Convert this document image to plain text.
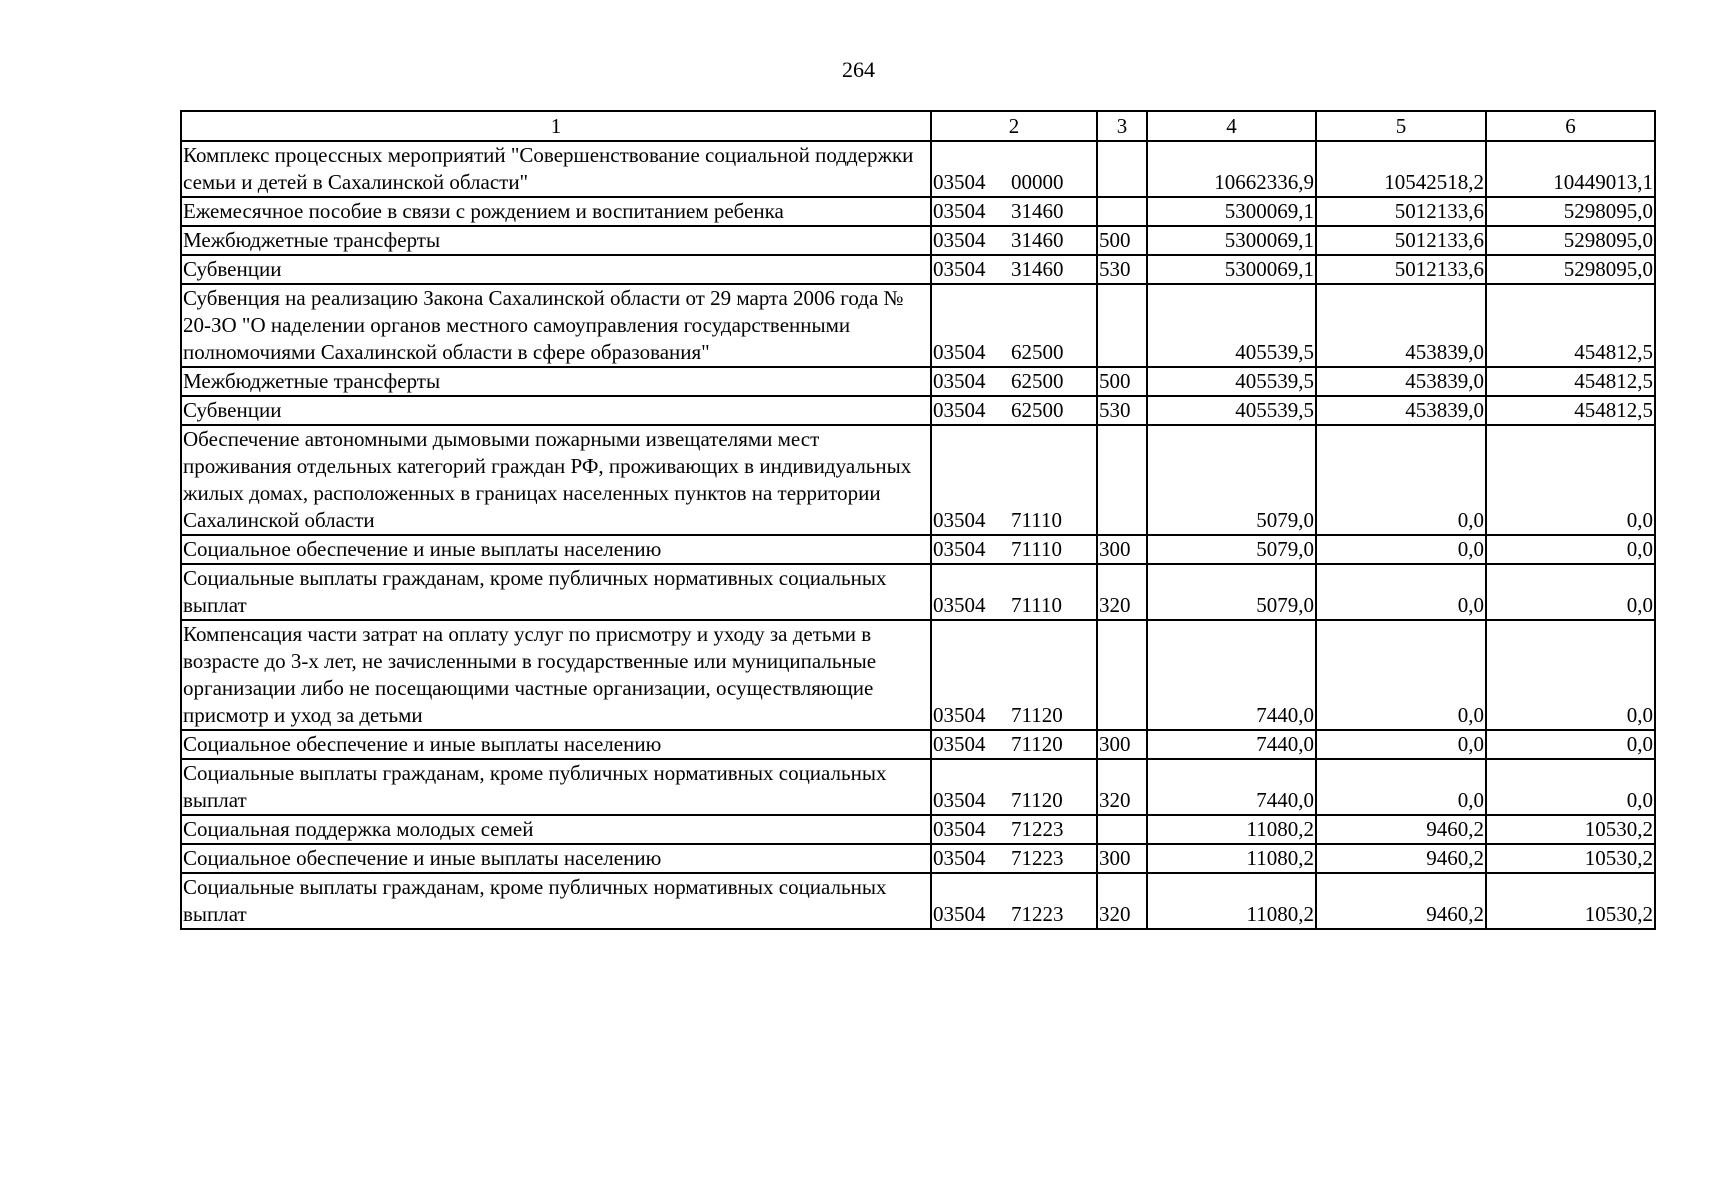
264
1	2	3	4	5	6
Комплекс процессных мероприятий "Совершенствование социальной поддержки семьи и детей в Сахалинской области"	03504 00000		10662336,9	10542518,2	10449013,1
Ежемесячное пособие в связи с рождением и воспитанием ребенка	03504 31460		5300069,1	5012133,6	5298095,0
Межбюджетные трансферты	03504 31460	500	5300069,1	5012133,6	5298095,0
Субвенции	03504 31460	530	5300069,1	5012133,6	5298095,0
Субвенция на реализацию Закона Сахалинской области от 29 марта 2006 года № 20-ЗО "О наделении органов местного самоуправления государственными полномочиями Сахалинской области в сфере образования"	03504 62500		405539,5	453839,0	454812,5
Межбюджетные трансферты	03504 62500	500	405539,5	453839,0	454812,5
Субвенции	03504 62500	530	405539,5	453839,0	454812,5
Обеспечение автономными дымовыми пожарными извещателями мест проживания отдельных категорий граждан РФ, проживающих в индивидуальных жилых домах, расположенных в границах населенных пунктов на территории Сахалинской области	03504 71110		5079,0	0,0	0,0
Социальное обеспечение и иные выплаты населению	03504 71110	300	5079,0	0,0	0,0
Социальные выплаты гражданам, кроме публичных нормативных социальных выплат	03504 71110	320	5079,0	0,0	0,0
Компенсация части затрат на оплату услуг по присмотру и уходу за детьми в возрасте до 3-х лет, не зачисленными в государственные или муниципальные организации либо не посещающими частные организации, осуществляющие присмотр и уход за детьми	03504 71120		7440,0	0,0	0,0
Социальное обеспечение и иные выплаты населению	03504 71120	300	7440,0	0,0	0,0
Социальные выплаты гражданам, кроме публичных нормативных социальных выплат	03504 71120	320	7440,0	0,0	0,0
Социальная поддержка молодых семей	03504 71223		11080,2	9460,2	10530,2
Социальное обеспечение и иные выплаты населению	03504 71223	300	11080,2	9460,2	10530,2
Социальные выплаты гражданам, кроме публичных нормативных социальных выплат	03504 71223	320	11080,2	9460,2	10530,2
